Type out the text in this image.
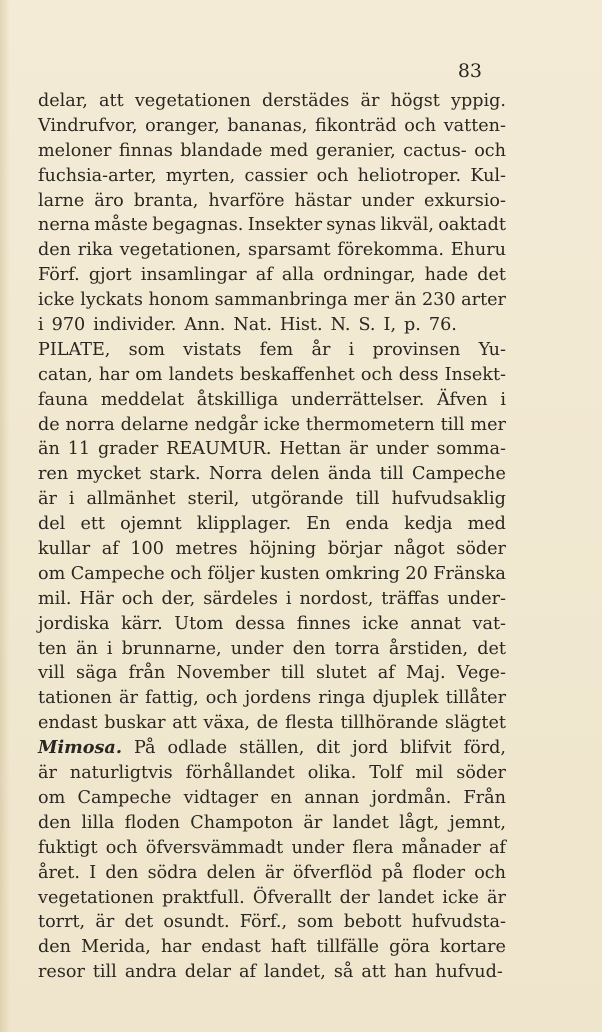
83

delar, att vegetationen derstädes är högst yppig.
Vindrufvor, oranger, bananas, fikonträd och vatten-
meloner finnas blandade med geranier, cactus- och
fuchsia-arter, myrten, cassier och heliotroper. Kul-
larne äro branta, hvarföre hästar under exkursio-
nerna måste begagnas. Insekter synas likväl, oaktadt
den rika vegetationen, sparsamt förekomma. Ehuru
Förf. gjort insamlingar af alla ordningar, hade det
icke lyckats honom sammanbringa mer än 230 arter
i 970 individer. Ann. Nat. Hist. N. S. I, p. 76.
PILATE, som vistats fem år i provinsen Yu-
catan, har om landets beskaffenhet och dess Insekt-
fauna meddelat åtskilliga underrättelser. Äfven i
de norra delarne nedgår icke thermometern till mer
än 11 grader REAUMUR. Hettan är under somma-
ren mycket stark. Norra delen ända till Campeche
är i allmänhet steril, utgörande till hufvudsaklig
del ett ojemnt klipplager. En enda kedja med
kullar af 100 metres höjning börjar något söder
om Campeche och följer kusten omkring 20 Fränska
mil. Här och der, särdeles i nordost, träffas under-
jordiska kärr. Utom dessa finnes icke annat vat-
ten än i brunnarne, under den torra årstiden, det
vill säga från November till slutet af Maj. Vege-
tationen är fattig, och jordens ringa djuplek tillåter
endast buskar att växa, de flesta tillhörande slägtet
Mimosa. På odlade ställen, dit jord blifvit förd,
är naturligtvis förhållandet olika. Tolf mil söder
om Campeche vidtager en annan jordmån. Från
den lilla floden Champoton är landet lågt, jemnt,
fuktigt och öfversvämmadt under flera månader af
året. I den södra delen är öfverflöd på floder och
vegetationen praktfull. Öfverallt der landet icke är
torrt, är det osundt. Förf., som bebott hufvudsta-
den Merida, har endast haft tillfälle göra kortare
resor till andra delar af landet, så att han hufvud-
